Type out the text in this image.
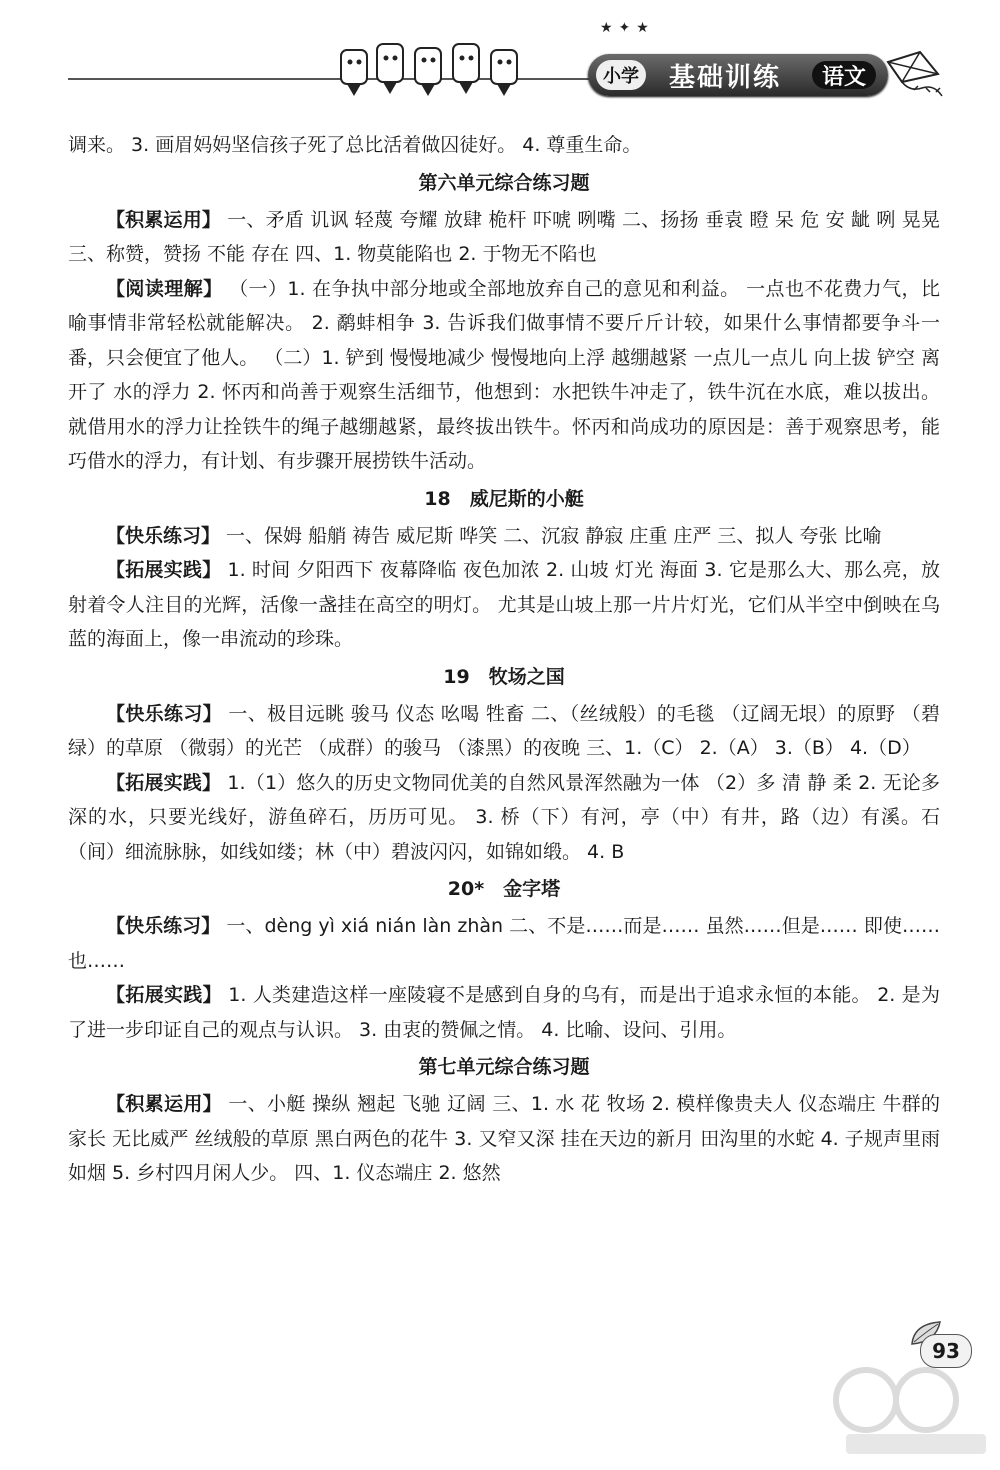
★✦★
小学	基础训练	语文

调来。 3. 画眉妈妈坚信孩子死了总比活着做囚徒好。 4. 尊重生命。

第六单元综合练习题

【积累运用】 一、矛盾 讥讽 轻蔑 夸耀 放肆 桅杆 吓唬 咧嘴 二、扬扬 垂袁 瞪 呆 危 安 龇 咧 晃晃 三、称赞，赞扬 不能 存在 四、1. 物莫能陷也 2. 于物无不陷也

【阅读理解】 （一）1. 在争执中部分地或全部地放弃自己的意见和利益。 一点也不花费力气，比喻事情非常轻松就能解决。 2. 鹬蚌相争 3. 告诉我们做事情不要斤斤计较，如果什么事情都要争斗一番，只会便宜了他人。 （二）1. 铲到 慢慢地减少 慢慢地向上浮 越绷越紧 一点儿一点儿 向上拔 铲空 离开了 水的浮力 2. 怀丙和尚善于观察生活细节，他想到：水把铁牛冲走了，铁牛沉在水底，难以拔出。就借用水的浮力让拴铁牛的绳子越绷越紧，最终拔出铁牛。怀丙和尚成功的原因是：善于观察思考，能巧借水的浮力，有计划、有步骤开展捞铁牛活动。

18　威尼斯的小艇

【快乐练习】 一、保姆 船艄 祷告 威尼斯 哗笑 二、沉寂 静寂 庄重 庄严 三、拟人 夸张 比喻

【拓展实践】 1. 时间 夕阳西下 夜幕降临 夜色加浓 2. 山坡 灯光 海面 3. 它是那么大、那么亮，放射着令人注目的光辉，活像一盏挂在高空的明灯。 尤其是山坡上那一片片灯光，它们从半空中倒映在乌蓝的海面上，像一串流动的珍珠。

19　牧场之国

【快乐练习】 一、极目远眺 骏马 仪态 吆喝 牲畜 二、（丝绒般）的毛毯 （辽阔无垠）的原野 （碧绿）的草原 （微弱）的光芒 （成群）的骏马 （漆黑）的夜晚 三、1.（C） 2.（A） 3.（B） 4.（D）

【拓展实践】 1.（1）悠久的历史文物同优美的自然风景浑然融为一体 （2）多 清 静 柔 2. 无论多深的水，只要光线好，游鱼碎石，历历可见。 3. 桥（下）有河，亭（中）有井，路（边）有溪。石（间）细流脉脉，如线如缕；林（中）碧波闪闪，如锦如缎。 4. B

20*　金字塔

【快乐练习】 一、dèng yì xiá nián làn zhàn 二、不是……而是…… 虽然……但是…… 即使……也……

【拓展实践】 1. 人类建造这样一座陵寝不是感到自身的乌有，而是出于追求永恒的本能。 2. 是为了进一步印证自己的观点与认识。 3. 由衷的赞佩之情。 4. 比喻、设问、引用。

第七单元综合练习题

【积累运用】 一、小艇 操纵 翘起 飞驰 辽阔 三、1. 水 花 牧场 2. 模样像贵夫人 仪态端庄 牛群的家长 无比威严 丝绒般的草原 黑白两色的花牛 3. 又窄又深 挂在天边的新月 田沟里的水蛇 4. 子规声里雨如烟 5. 乡村四月闲人少。 四、1. 仪态端庄 2. 悠然

93
